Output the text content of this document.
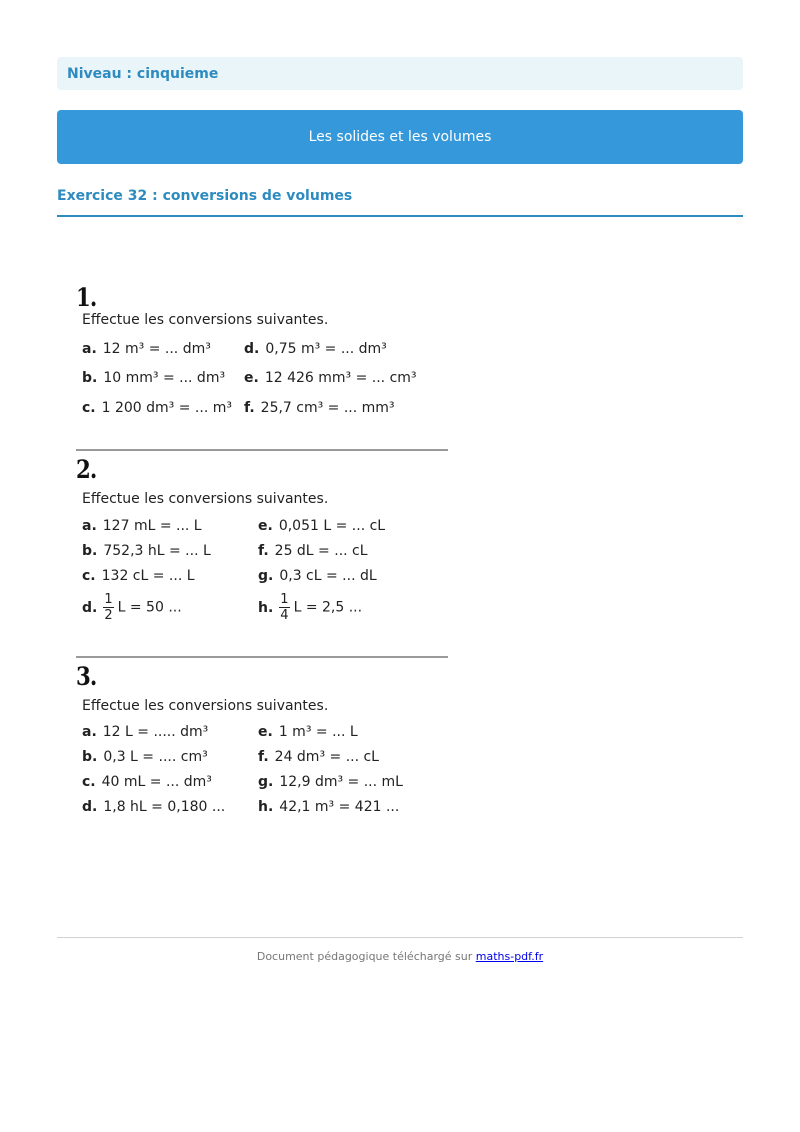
Niveau : cinquieme
Les solides et les volumes
Exercice 32 : conversions de volumes
1.
Effectue les conversions suivantes.
a. 12 m³ = ... dm³
b. 10 mm³ = ... dm³
c. 1 200 dm³ = ... m³
d. 0,75 m³ = ... dm³
e. 12 426 mm³ = ... cm³
f. 25,7 cm³ = ... mm³
2.
Effectue les conversions suivantes.
a. 127 mL = ... L
b. 752,3 hL = ... L
c. 132 cL = ... L
d. $\frac{1}{2}$ L = 50 ...
e. 0,051 L = ... cL
f. 25 dL = ... cL
g. 0,3 cL = ... dL
h. $\frac{1}{4}$ L = 2,5 ...
3.
Effectue les conversions suivantes.
a. 12 L = ..... dm³
b. 0,3 L = .... cm³
c. 40 mL = ... dm³
d. 1,8 hL = 0,180 ...
e. 1 m³ = ... L
f. 24 dm³ = ... cL
g. 12,9 dm³ = ... mL
h. 42,1 m³ = 421 ...
Document pédagogique téléchargé sur maths-pdf.fr
